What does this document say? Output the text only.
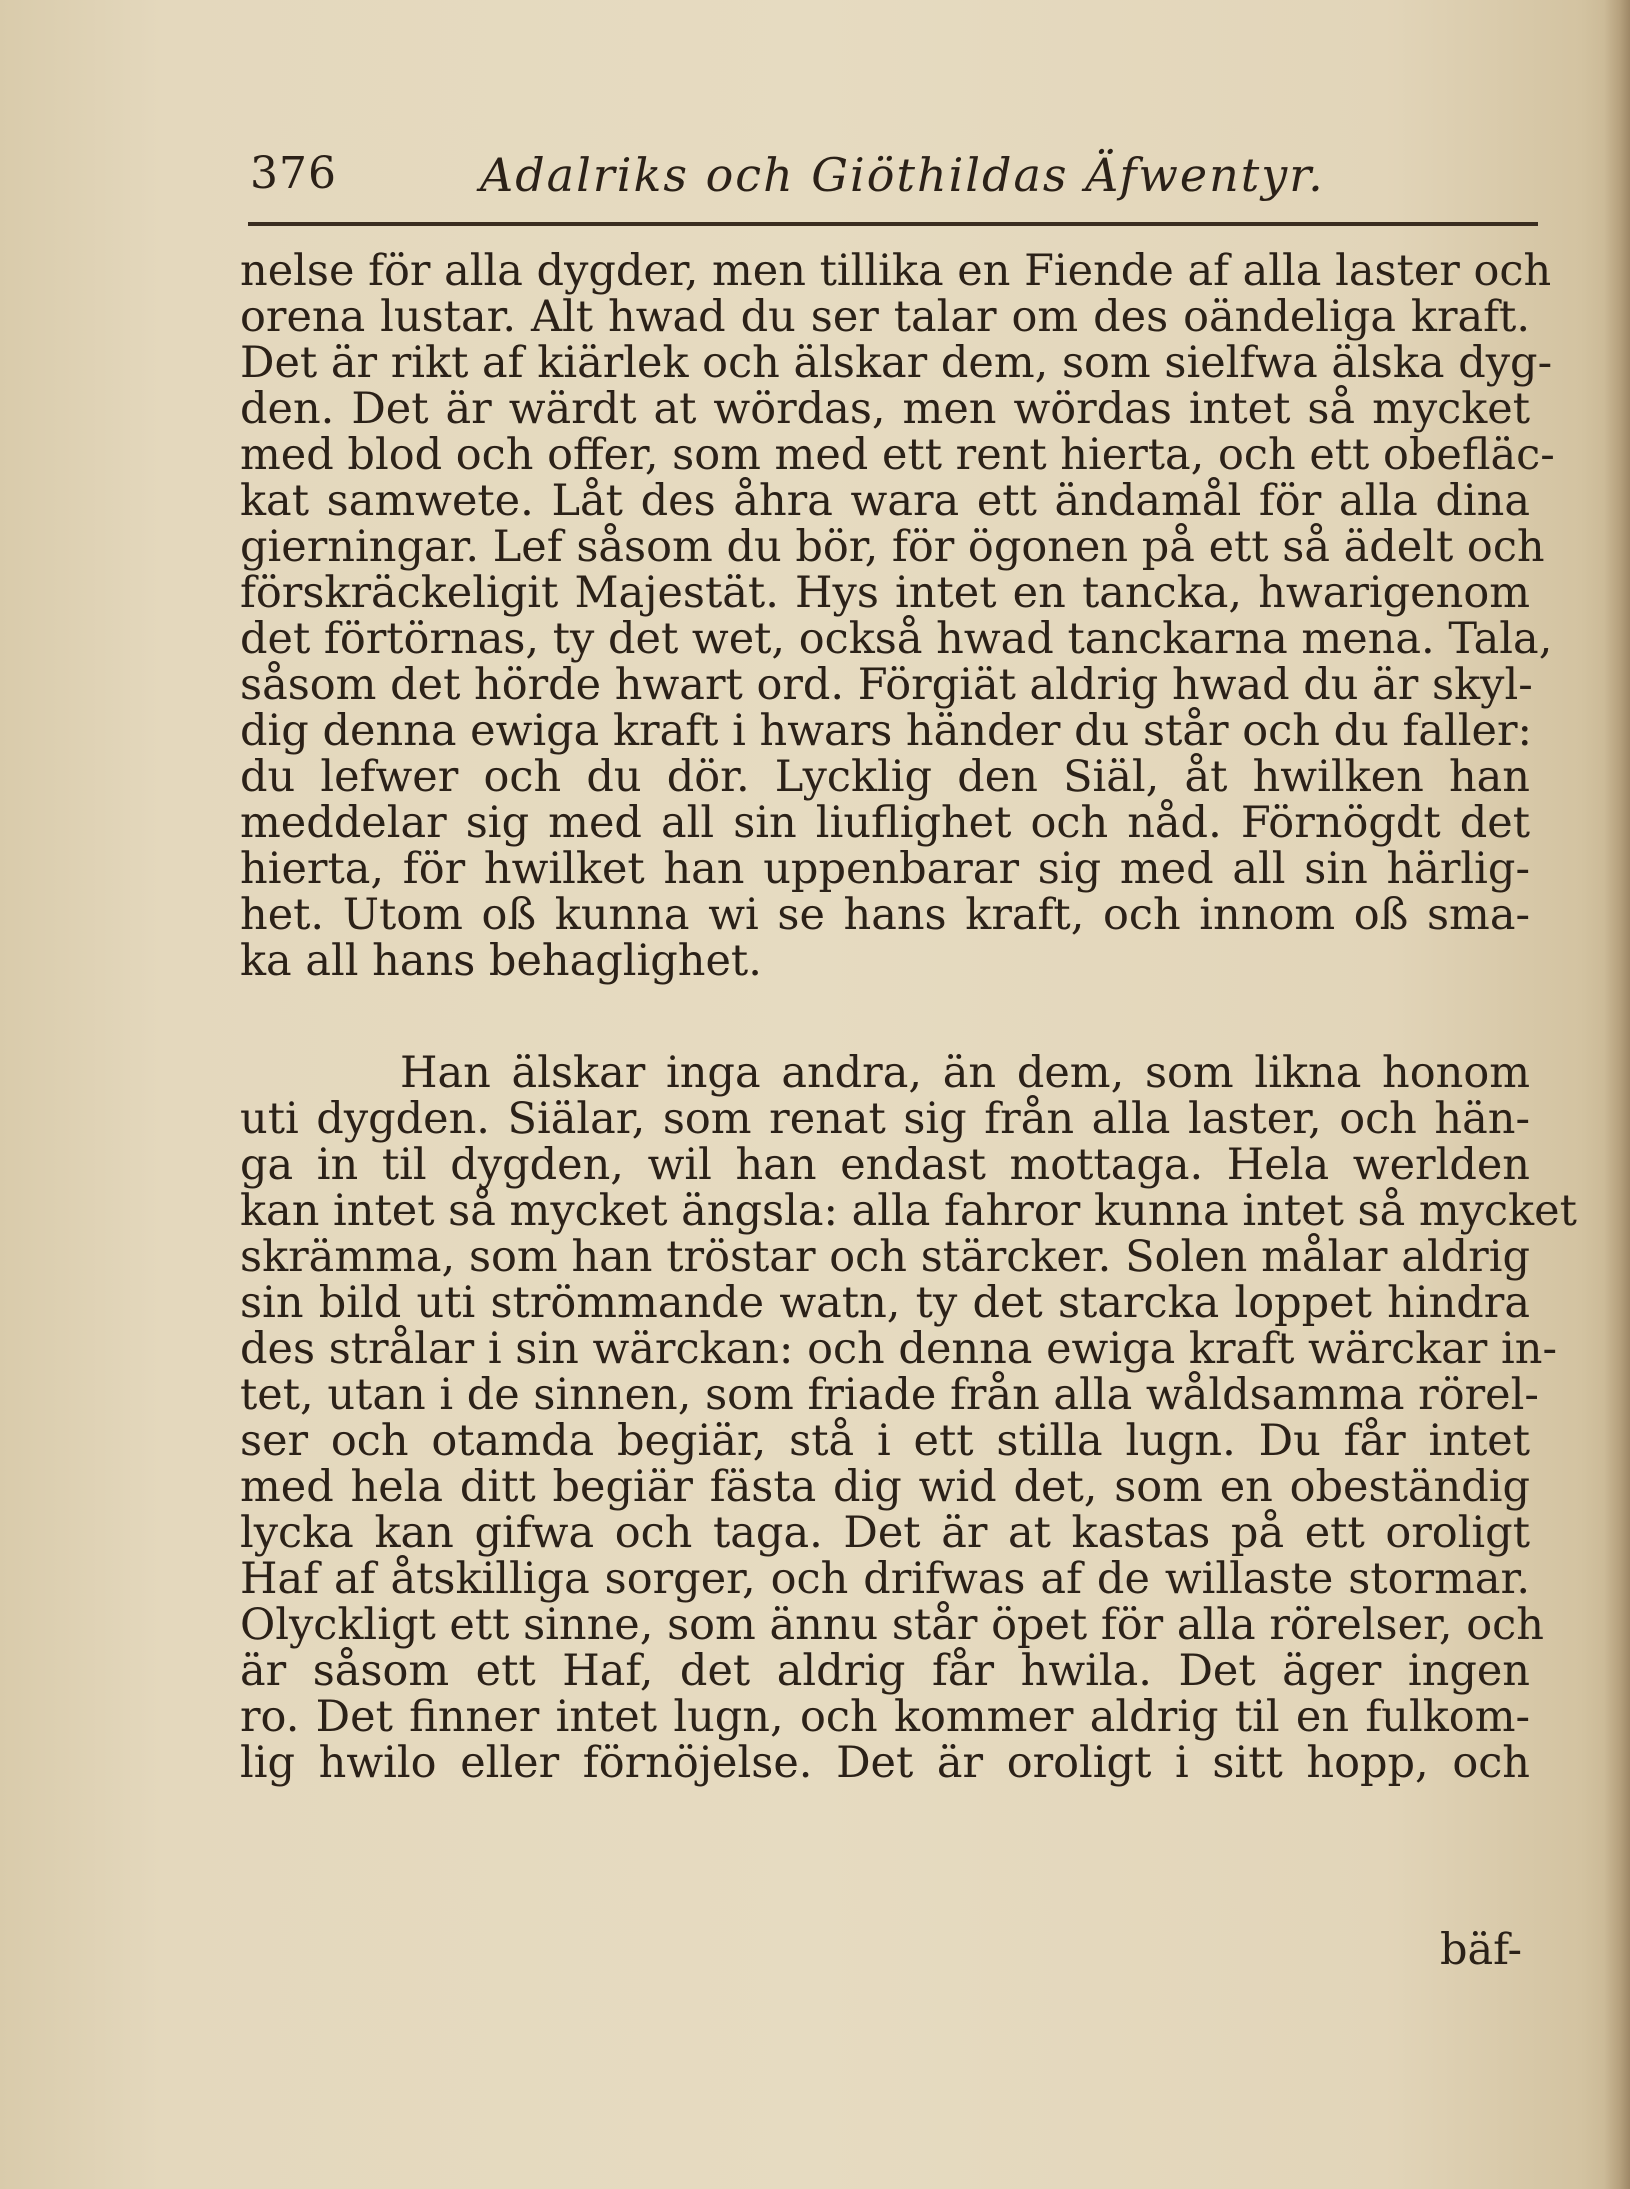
376	Adalriks och Giöthildas Äfwentyr.
nelse för alla dygder, men tillika en Fiende af alla laster och
orena lustar. Alt hwad du ser talar om des oändeliga kraft.
Det är rikt af kiärlek och älskar dem, som sielfwa älska dyg-
den. Det är wärdt at wördas, men wördas intet så mycket
med blod och offer, som med ett rent hierta, och ett obefläc-
kat samwete. Låt des åhra wara ett ändamål för alla dina
gierningar. Lef såsom du bör, för ögonen på ett så ädelt och
förskräckeligit Majestät. Hys intet en tancka, hwarigenom
det förtörnas, ty det wet, också hwad tanckarna mena. Tala,
såsom det hörde hwart ord. Förgiät aldrig hwad du är skyl-
dig denna ewiga kraft i hwars händer du står och du faller:
du lefwer och du dör. Lycklig den Siäl, åt hwilken han
meddelar sig med all sin liuflighet och nåd. Förnögdt det
hierta, för hwilket han uppenbarar sig med all sin härlig-
het. Utom oß kunna wi se hans kraft, och innom oß sma-
ka all hans behaglighet.
Han älskar inga andra, än dem, som likna honom
uti dygden. Siälar, som renat sig från alla laster, och hän-
ga in til dygden, wil han endast mottaga. Hela werlden
kan intet så mycket ängsla: alla fahror kunna intet så mycket
skrämma, som han tröstar och stärcker. Solen målar aldrig
sin bild uti strömmande watn, ty det starcka loppet hindra
des strålar i sin wärckan: och denna ewiga kraft wärckar in-
tet, utan i de sinnen, som friade från alla wåldsamma rörel-
ser och otamda begiär, stå i ett stilla lugn. Du får intet
med hela ditt begiär fästa dig wid det, som en obeständig
lycka kan gifwa och taga. Det är at kastas på ett oroligt
Haf af åtskilliga sorger, och drifwas af de willaste stormar.
Olyckligt ett sinne, som ännu står öpet för alla rörelser, och
är såsom ett Haf, det aldrig får hwila. Det äger ingen
ro. Det finner intet lugn, och kommer aldrig til en fulkom-
lig hwilo eller förnöjelse. Det är oroligt i sitt hopp, och
bäf-
